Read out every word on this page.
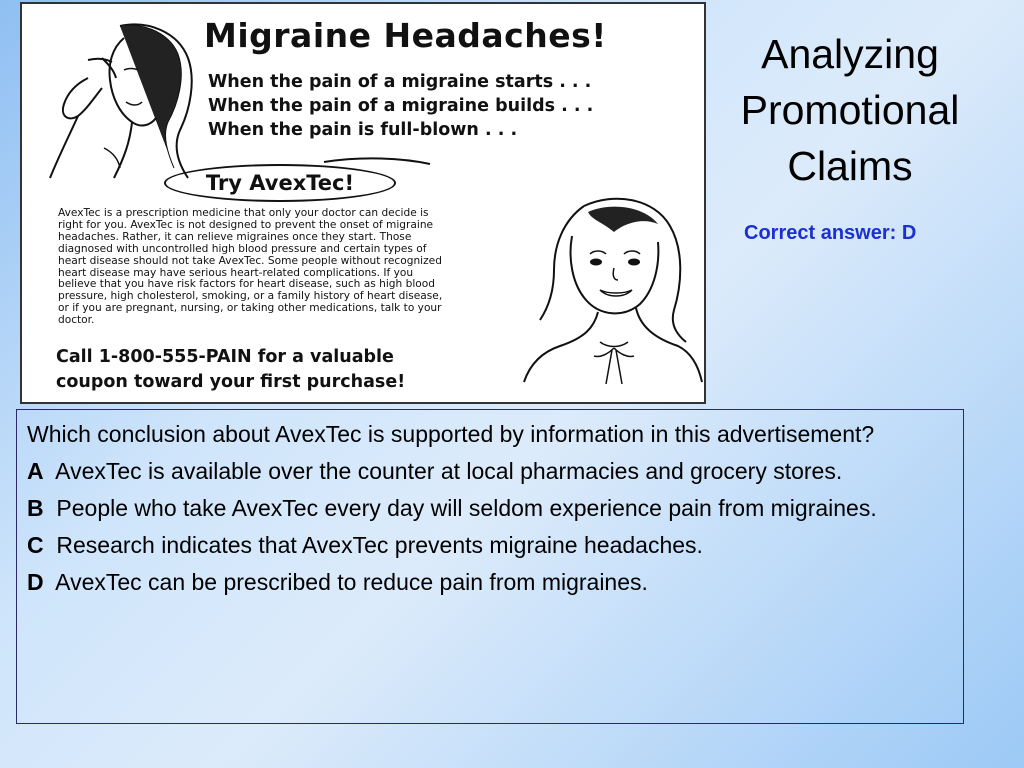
Migraine Headaches!
When the pain of a migraine starts . . .
When the pain of a migraine builds . . .
When the pain is full-blown . . .
Try AvexTec!
AvexTec is a prescription medicine that only your doctor can decide is
right for you. AvexTec is not designed to prevent the onset of migraine
headaches. Rather, it can relieve migraines once they start. Those
diagnosed with uncontrolled high blood pressure and certain types of
heart disease should not take AvexTec. Some people without recognized
heart disease may have serious heart-related complications. If you
believe that you have risk factors for heart disease, such as high blood
pressure, high cholesterol, smoking, or a family history of heart disease,
or if you are pregnant, nursing, or taking other medications, talk to your
doctor.
Call 1-800-555-PAIN for a valuable
coupon toward your first purchase!
Analyzing
Promotional
Claims
Correct answer: D

Which conclusion about AvexTec is supported by information in this advertisement?

A AvexTec is available over the counter at local pharmacies and grocery stores.

B People who take AvexTec every day will seldom experience pain from migraines.

C Research indicates that AvexTec prevents migraine headaches.

D  AvexTec can be prescribed to reduce pain from migraines.
